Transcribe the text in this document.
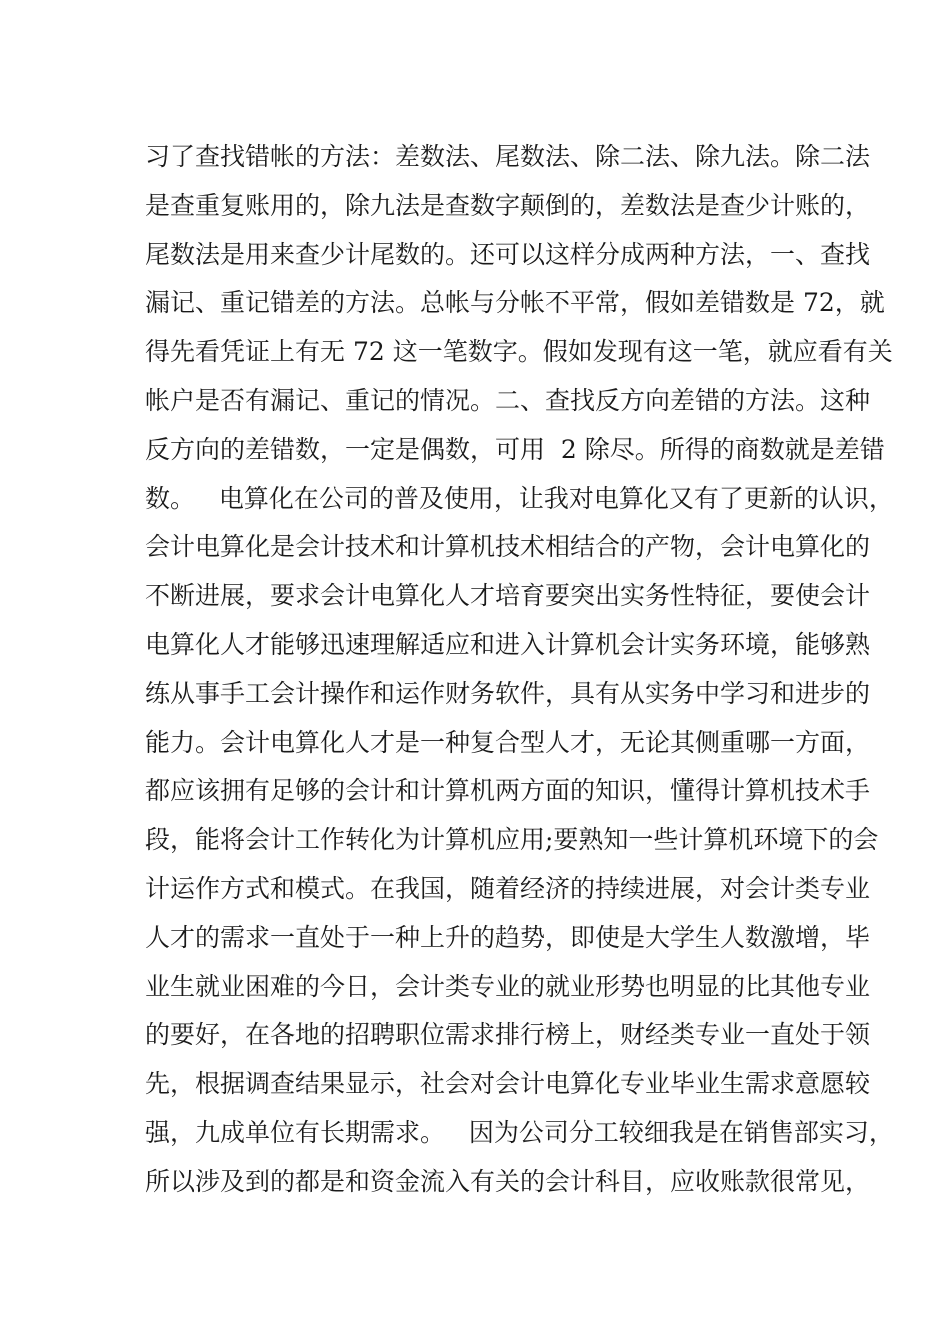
习了查找错帐的方法：差数法、尾数法、除二法、除九法。除二法
是查重复账用的，除九法是查数字颠倒的，差数法是查少计账的，
尾数法是用来查少计尾数的。还可以这样分成两种方法，一、查找
漏记、重记错差的方法。总帐与分帐不平常，假如差错数是 72，就
得先看凭证上有无 72 这一笔数字。假如发现有这一笔，就应看有关
帐户是否有漏记、重记的情况。二、查找反方向差错的方法。这种
反方向的差错数，一定是偶数，可用  2 除尽。所得的商数就是差错
数。   电算化在公司的普及使用，让我对电算化又有了更新的认识，
会计电算化是会计技术和计算机技术相结合的产物，会计电算化的
不断进展，要求会计电算化人才培育要突出实务性特征，要使会计
电算化人才能够迅速理解适应和进入计算机会计实务环境，能够熟
练从事手工会计操作和运作财务软件，具有从实务中学习和进步的
能力。会计电算化人才是一种复合型人才，无论其侧重哪一方面，
都应该拥有足够的会计和计算机两方面的知识，懂得计算机技术手
段，能将会计工作转化为计算机应用;要熟知一些计算机环境下的会
计运作方式和模式。在我国，随着经济的持续进展，对会计类专业
人才的需求一直处于一种上升的趋势，即使是大学生人数激增，毕
业生就业困难的今日，会计类专业的就业形势也明显的比其他专业
的要好，在各地的招聘职位需求排行榜上，财经类专业一直处于领
先，根据调查结果显示，社会对会计电算化专业毕业生需求意愿较
强，九成单位有长期需求。   因为公司分工较细我是在销售部实习，
所以涉及到的都是和资金流入有关的会计科目，应收账款很常见，
